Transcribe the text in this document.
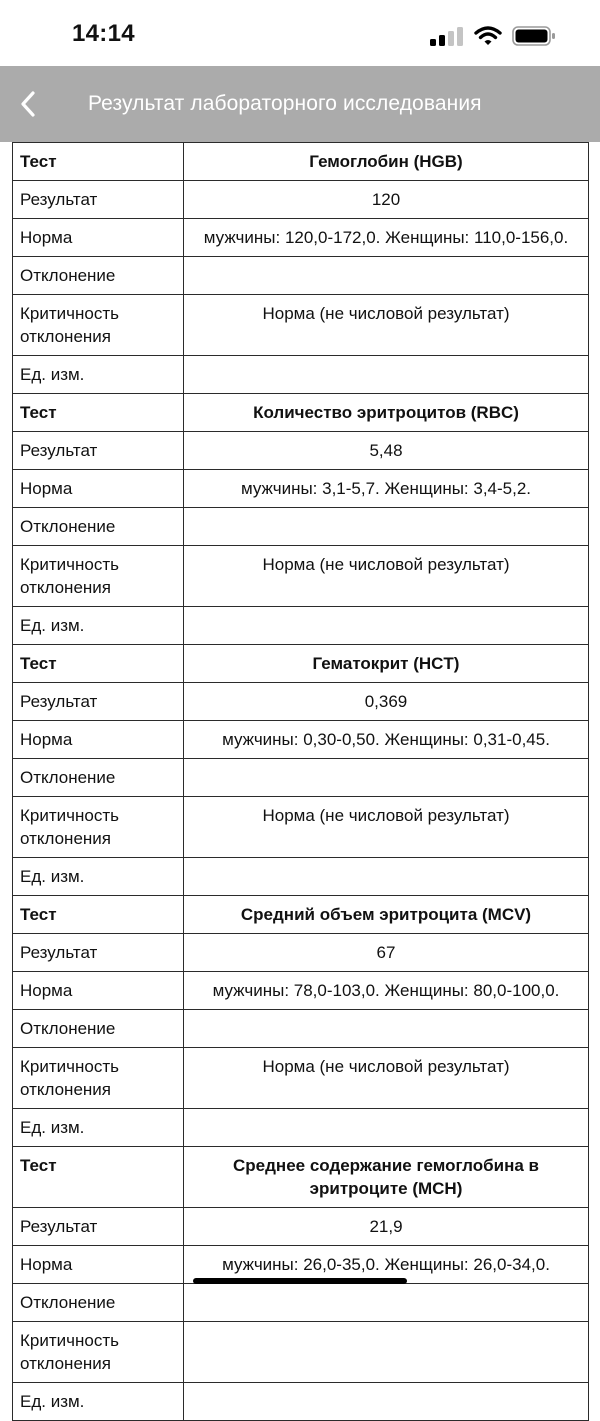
14:14
Результат лабораторного исследования
Тест	Гемоглобин (HGB)
Результат	120
Норма	мужчины: 120,0-172,0. Женщины: 110,0-156,0.
Отклонение	
Критичность отклонения	Норма (не числовой результат)
Ед. изм.	
Тест	Количество эритроцитов (RBC)
Результат	5,48
Норма	мужчины: 3,1-5,7. Женщины: 3,4-5,2.
Отклонение	
Критичность отклонения	Норма (не числовой результат)
Ед. изм.	
Тест	Гематокрит (HCT)
Результат	0,369
Норма	мужчины: 0,30-0,50. Женщины: 0,31-0,45.
Отклонение	
Критичность отклонения	Норма (не числовой результат)
Ед. изм.	
Тест	Средний объем эритроцита (MCV)
Результат	67
Норма	мужчины: 78,0-103,0. Женщины: 80,0-100,0.
Отклонение	
Критичность отклонения	Норма (не числовой результат)
Ед. изм.	
Тест	Среднее содержание гемоглобина в эритроците (MCH)
Результат	21,9
Норма	мужчины: 26,0-35,0. Женщины: 26,0-34,0.
Отклонение	
Критичность отклонения	
Ед. изм.	
